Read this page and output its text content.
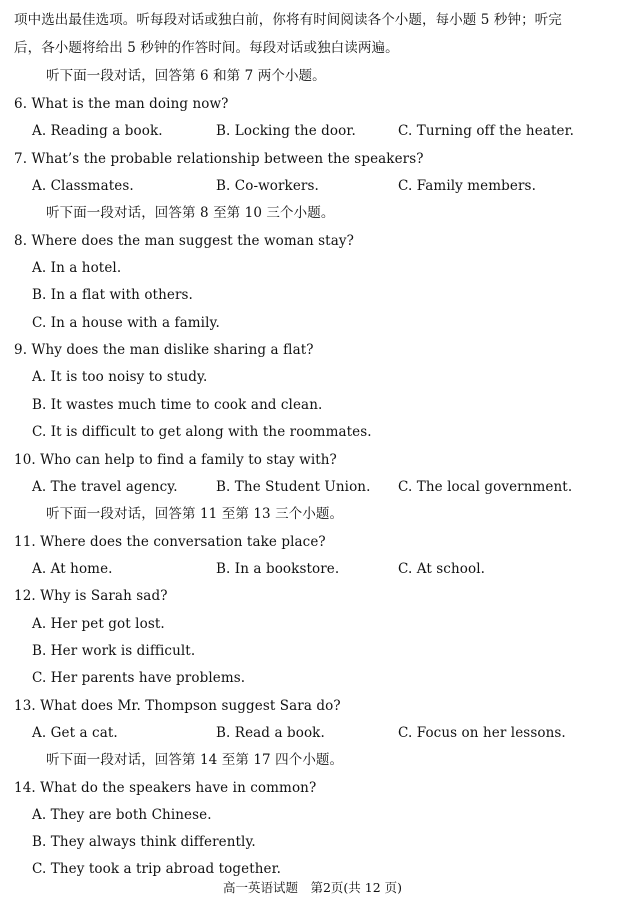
项中选出最佳选项。听每段对话或独白前，你将有时间阅读各个小题，每小题 5 秒钟；听完
后，各小题将给出 5 秒钟的作答时间。每段对话或独白读两遍。
听下面一段对话，回答第 6 和第 7 两个小题。
6. What is the man doing now?
A. Reading a book.	B. Locking the door.	C. Turning off the heater.
7. What’s the probable relationship between the speakers?
A. Classmates.	B. Co-workers.	C. Family members.
听下面一段对话，回答第 8 至第 10 三个小题。
8. Where does the man suggest the woman stay?
A. In a hotel.
B. In a flat with others.
C. In a house with a family.
9. Why does the man dislike sharing a flat?
A. It is too noisy to study.
B. It wastes much time to cook and clean.
C. It is difficult to get along with the roommates.
10. Who can help to find a family to stay with?
A. The travel agency.	B. The Student Union. C. The local government.
听下面一段对话，回答第 11 至第 13 三个小题。
11. Where does the conversation take place?
A. At home.	B. In a bookstore.	C. At school.
12. Why is Sarah sad?
A. Her pet got lost.
B. Her work is difficult.
C. Her parents have problems.
13. What does Mr. Thompson suggest Sara do?
A. Get a cat.	B. Read a book.	C. Focus on her lessons.
听下面一段对话，回答第 14 至第 17 四个小题。
14. What do the speakers have in common?
A. They are both Chinese.
B. They always think differently.
C. They took a trip abroad together.
高一英语试题　第2页(共 12 页)
